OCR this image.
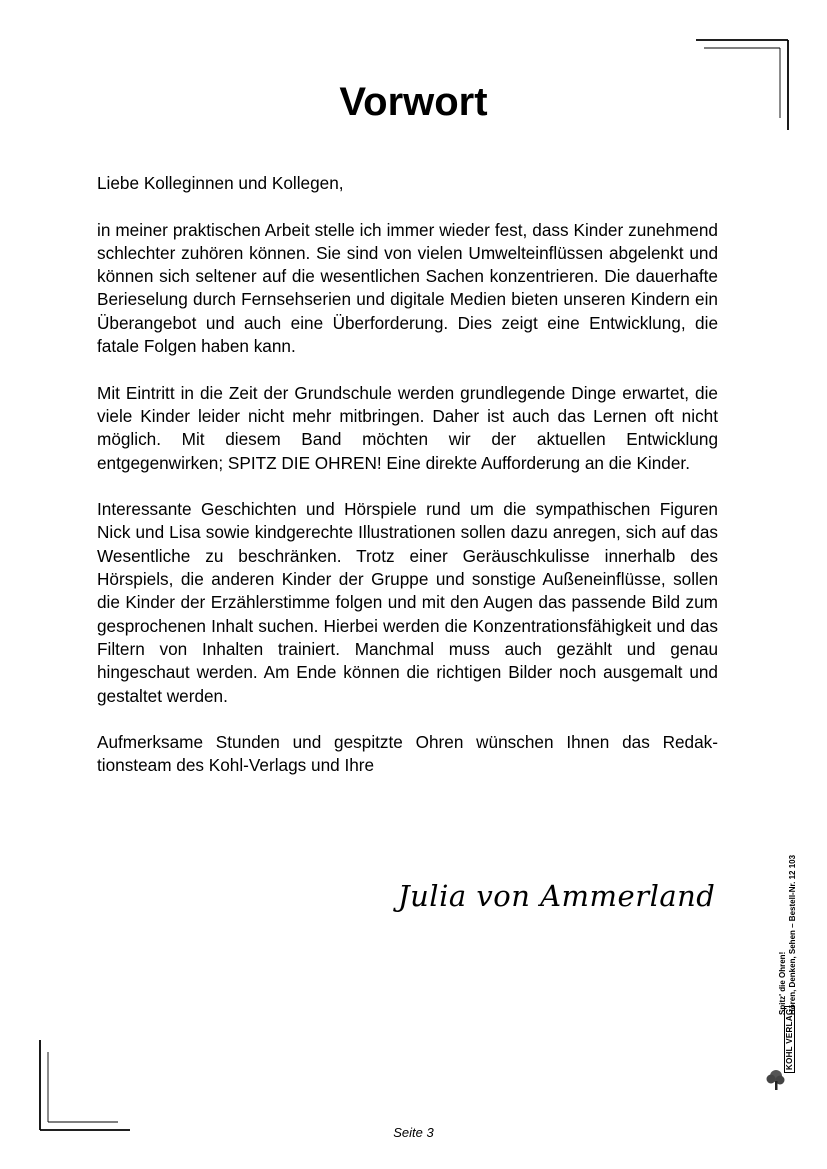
Vorwort

Liebe Kolleginnen und Kollegen,

in meiner praktischen Arbeit stelle ich immer wieder fest, dass Kinder zunehmend schlechter zuhören können. Sie sind von vielen Umwelteinflüssen abgelenkt und können sich seltener auf die wesentlichen Sachen konzentrieren. Die dauerhafte Berieselung durch Fernsehserien und digitale Medien bieten unseren Kindern ein Überangebot und auch eine Überforderung. Dies zeigt eine Entwicklung, die fatale Folgen haben kann.

Mit Eintritt in die Zeit der Grundschule werden grundlegende Dinge erwartet, die viele Kinder leider nicht mehr mitbringen. Daher ist auch das Lernen oft nicht möglich. Mit diesem Band möchten wir der aktuellen Entwicklung entgegenwirken; SPITZ DIE OHREN! Eine direkte Aufforderung an die Kinder.

Interessante Geschichten und Hörspiele rund um die sympathischen Figuren Nick und Lisa sowie kindgerechte Illustrationen sollen dazu anregen, sich auf das Wesentliche zu beschränken. Trotz einer Geräuschkulisse innerhalb des Hörspiels, die anderen Kinder der Gruppe und sonstige Außeneinflüsse, sollen die Kinder der Erzählerstimme folgen und mit den Augen das passende Bild zum gesprochenen Inhalt suchen. Hierbei werden die Konzentrationsfähigkeit und das Filtern von Inhalten trainiert. Manchmal muss auch gezählt und genau hingeschaut werden. Am Ende können die richtigen Bilder noch ausgemalt und gestaltet werden.

Aufmerksame Stunden und gespitzte Ohren wünschen Ihnen das Redaktionsteam des Kohl-Verlags und Ihre

Julia von Ammerland
Spitz' die Ohren! Hören, Denken, Sehen – Bestell-Nr. 12 103
KOHL VERLAG
Seite 3
